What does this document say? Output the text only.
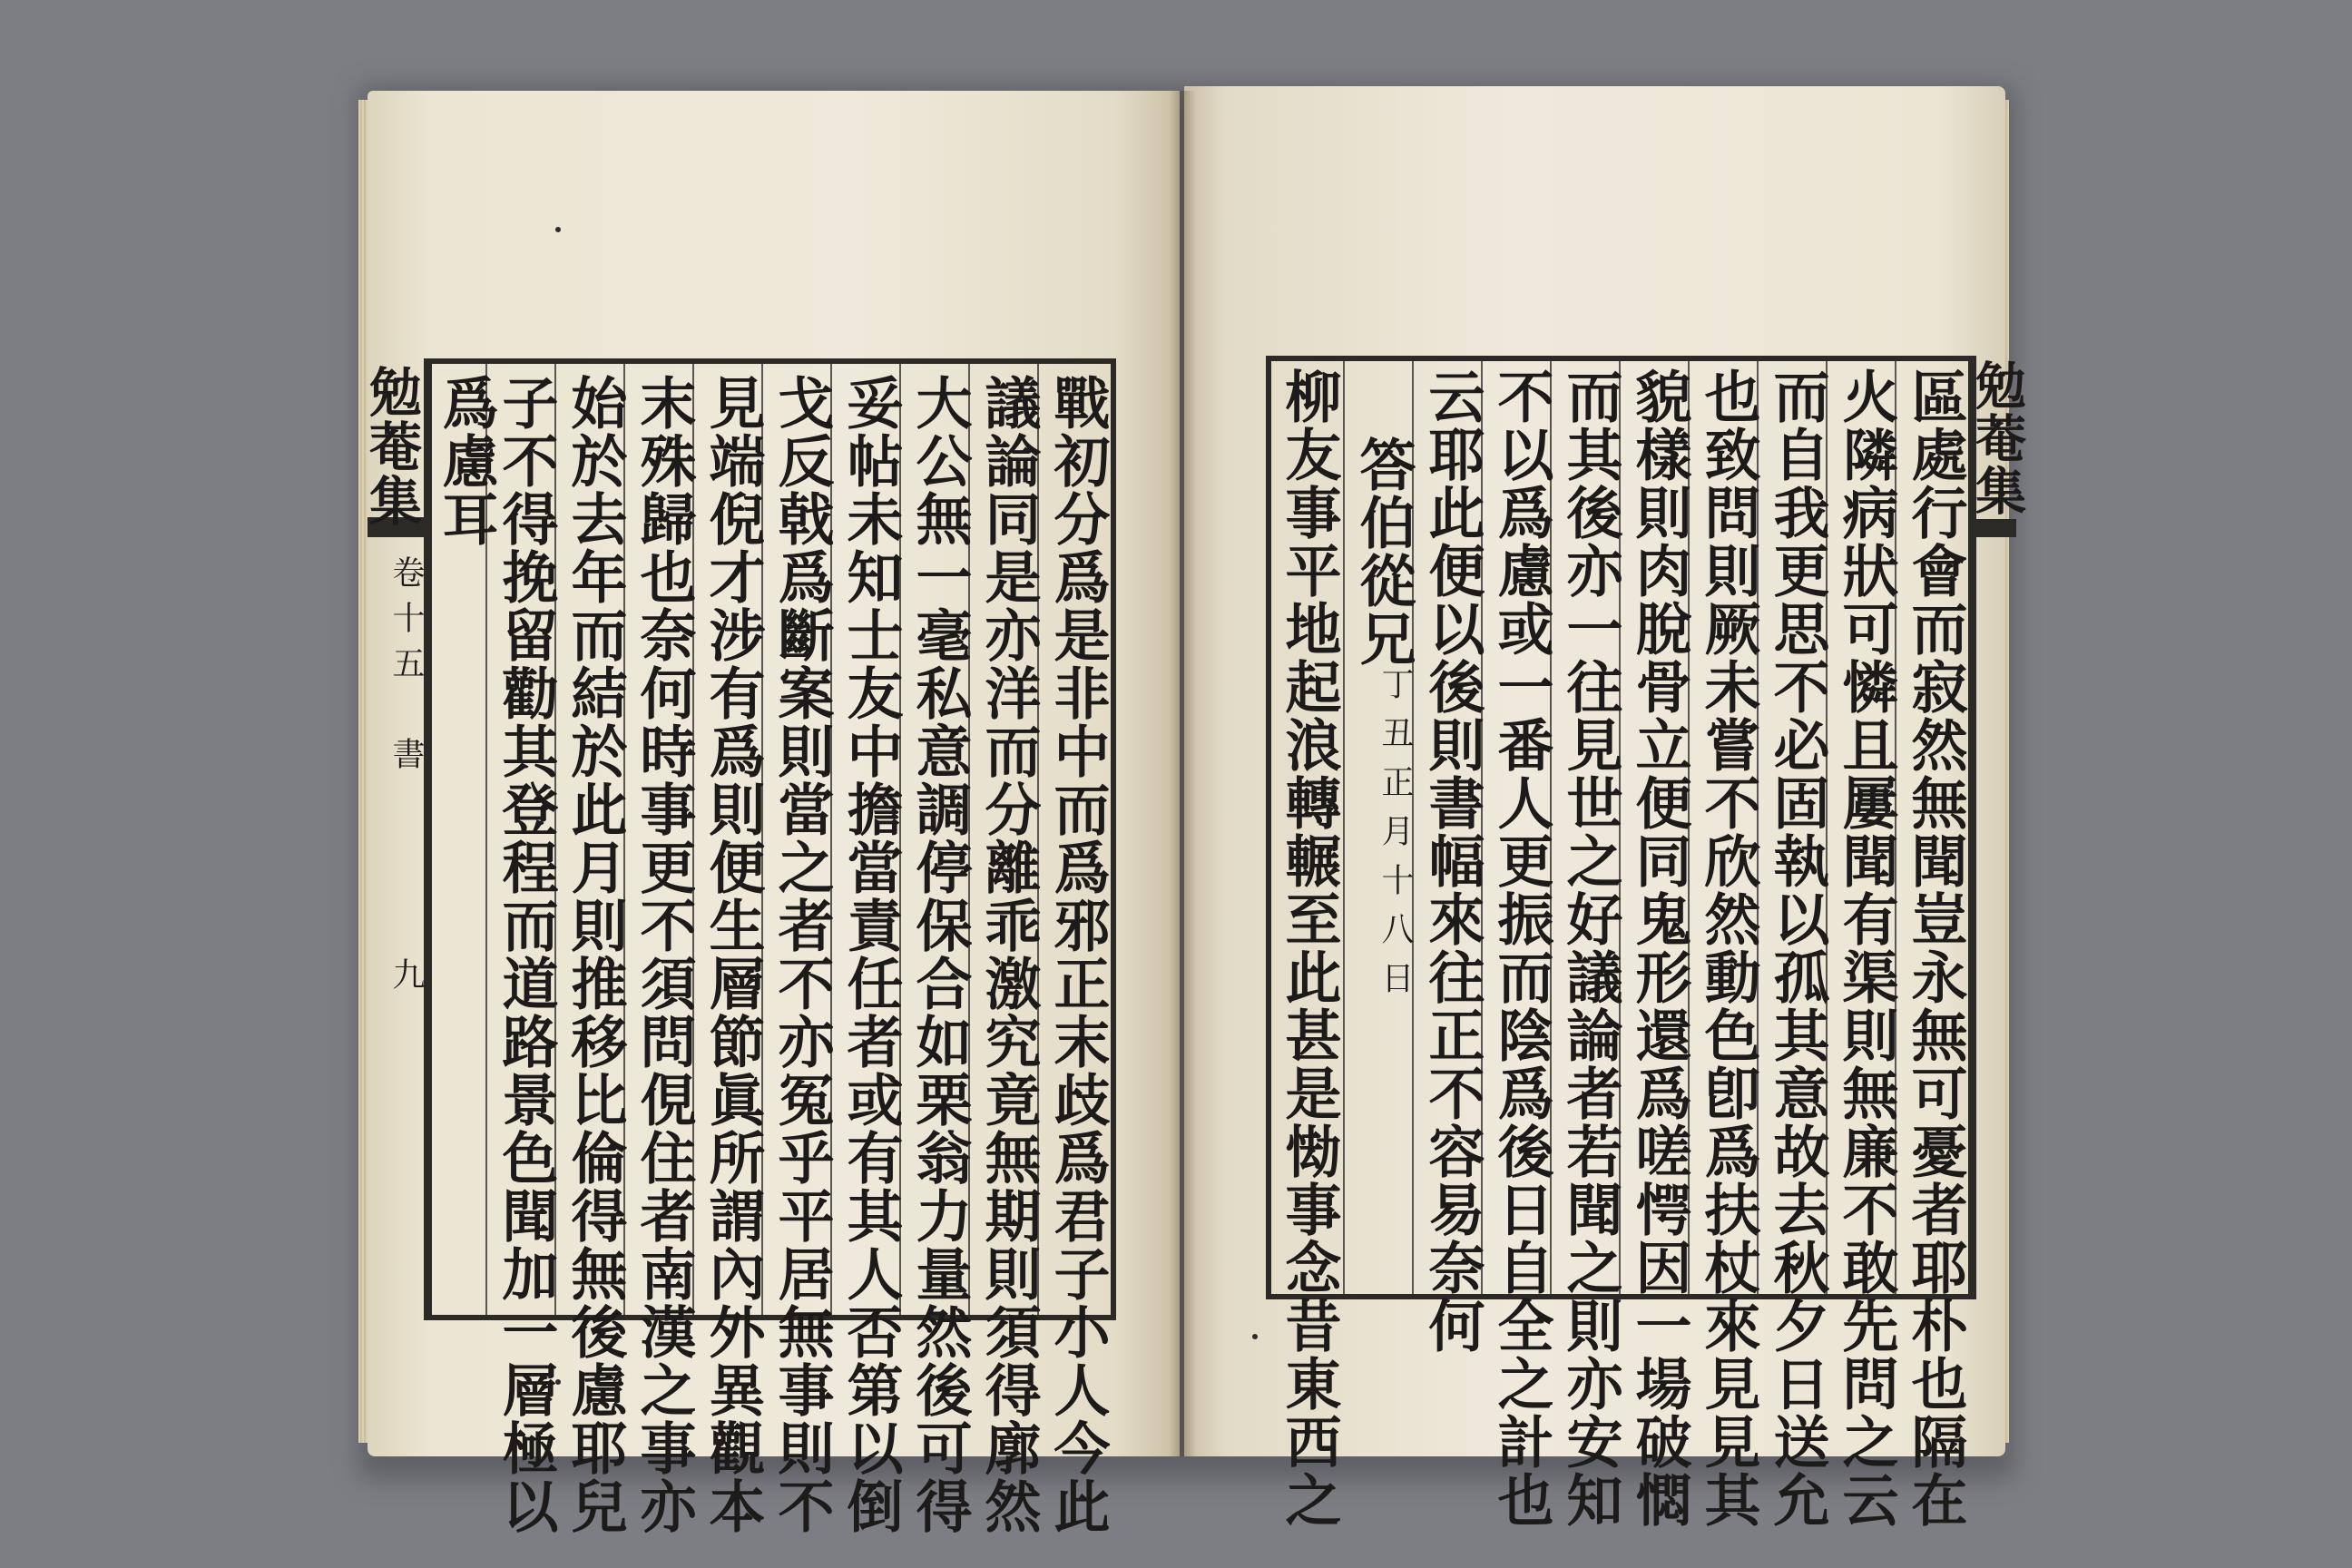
勉菴集
卷十五
書
九	戰初分爲是非中而爲邪正末歧爲君子小人今此
議論同是亦洋而分離乖激究竟無期則須得廓然
大公無一毫私意調停保合如栗翁力量然後可得
妥帖未知士友中擔當責任者或有其人否第以倒
戈反戟爲斷案則當之者不亦冤乎平居無事則不
見端倪才涉有爲則便生層節眞所謂內外異觀本
末殊歸也奈何時事更不須問俔住者南漢之事亦
始於去年而結於此月則推移比倫得無後慮耶兒
子不得挽留勸其登程而道路景色聞加一層極以
爲慮耳	勉菴集
區處行會而寂然無聞豈永無可憂者耶朴也隔在
火隣病狀可憐且屢聞有渠則無廉不敢先問之云
而自我更思不必固執以孤其意故去秋夕日送允
也致問則厥未嘗不欣然動色卽爲扶杖來見見其
貌樣則肉脫骨立便同鬼形還爲嗟愕因一場破㦖
而其後亦一往見世之好議論者若聞之則亦安知
不以爲慮或一番人更振而陰爲後日自全之計也
云耶此便以後則書幅來往正不容易奈何
答伯從兄
丁丑正月十八日
柳友事平地起浪轉輾至此甚是㤼事念昔東西之
